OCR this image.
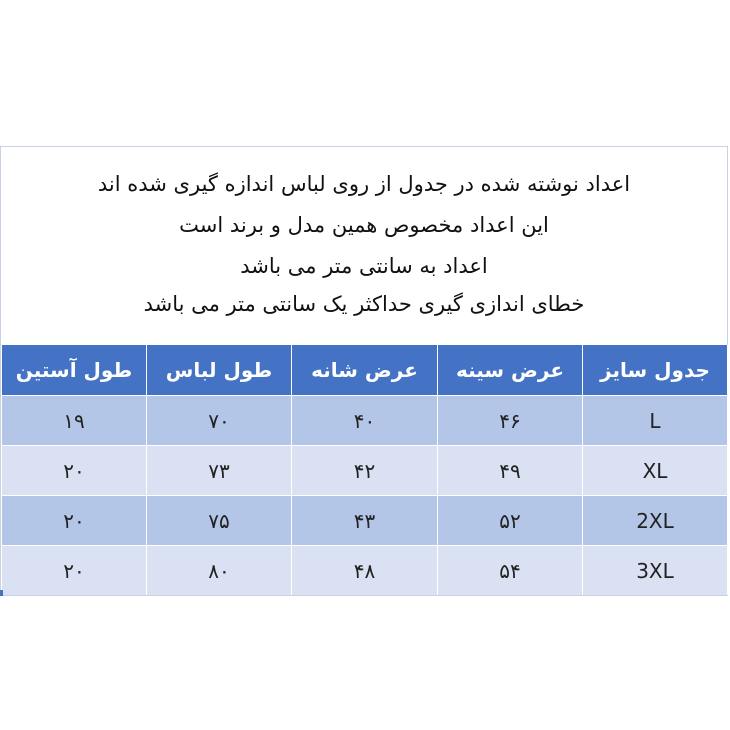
اعداد نوشته شده در جدول از روی لباس اندازه گیری شده اند
این اعداد مخصوص همین مدل و برند است
اعداد به سانتی متر می باشد
خطای اندازی گیری حداکثر یک سانتی متر می باشد
جدول سایز	عرض سینه	عرض شانه	طول لباس	طول آستین
L	۴۶	۴۰	۷۰	۱۹
XL	۴۹	۴۲	۷۳	۲۰
2XL	۵۲	۴۳	۷۵	۲۰
3XL	۵۴	۴۸	۸۰	۲۰
